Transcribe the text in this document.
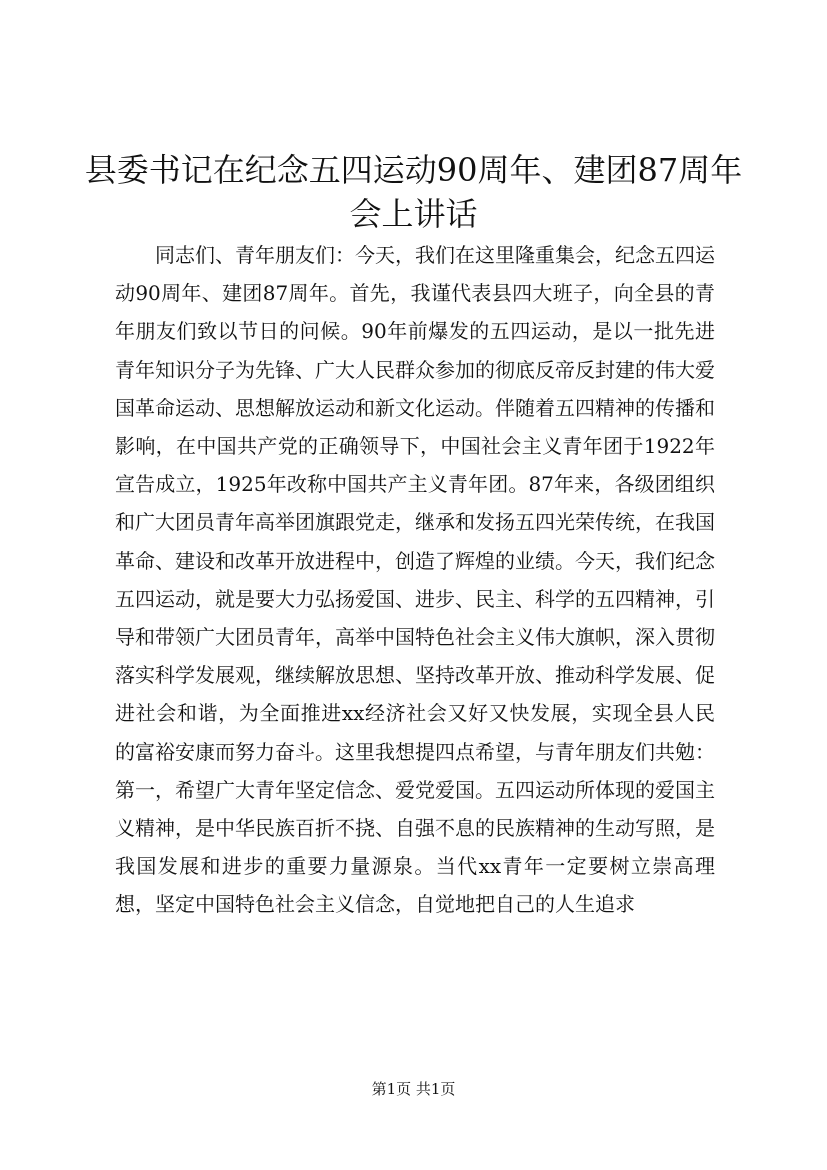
县委书记在纪念五四运动90周年、建团87周年会上讲话

同志们、青年朋友们：今天，我们在这里隆重集会，纪念五四运动90周年、建团87周年。首先，我谨代表县四大班子，向全县的青年朋友们致以节日的问候。90年前爆发的五四运动，是以一批先进青年知识分子为先锋、广大人民群众参加的彻底反帝反封建的伟大爱国革命运动、思想解放运动和新文化运动。伴随着五四精神的传播和影响，在中国共产党的正确领导下，中国社会主义青年团于1922年宣告成立，1925年改称中国共产主义青年团。87年来，各级团组织和广大团员青年高举团旗跟党走，继承和发扬五四光荣传统，在我国革命、建设和改革开放进程中，创造了辉煌的业绩。今天，我们纪念五四运动，就是要大力弘扬爱国、进步、民主、科学的五四精神，引导和带领广大团员青年，高举中国特色社会主义伟大旗帜，深入贯彻落实科学发展观，继续解放思想、坚持改革开放、推动科学发展、促进社会和谐，为全面推进xx经济社会又好又快发展，实现全县人民的富裕安康而努力奋斗。这里我想提四点希望，与青年朋友们共勉：第一，希望广大青年坚定信念、爱党爱国。五四运动所体现的爱国主义精神，是中华民族百折不挠、自强不息的民族精神的生动写照，是我国发展和进步的重要力量源泉。当代xx青年一定要树立崇高理想，坚定中国特色社会主义信念，自觉地把自己的人生追求

第1页 共1页
